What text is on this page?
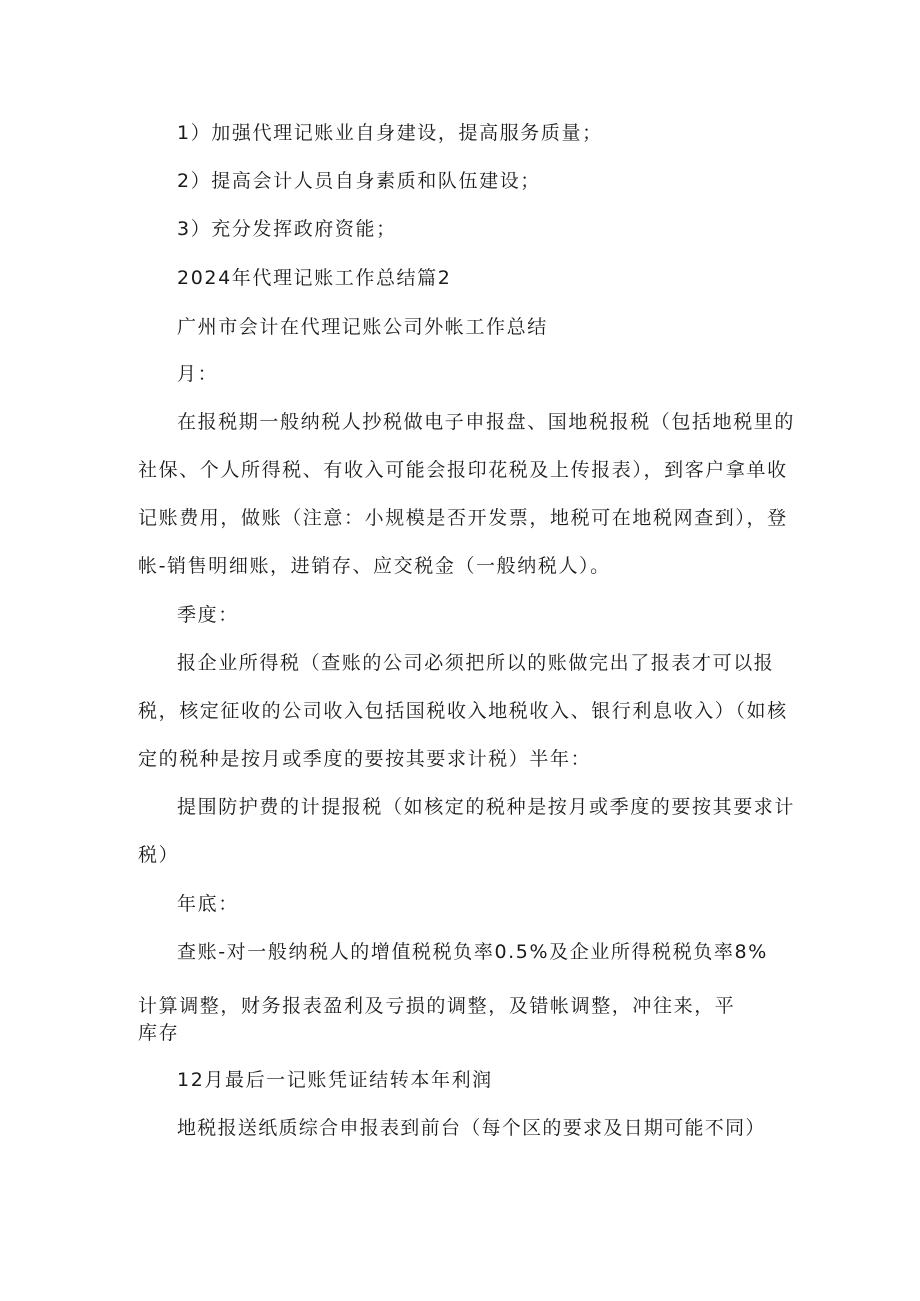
1）加强代理记账业自身建设，提高服务质量；

2）提高会计人员自身素质和队伍建设；

3）充分发挥政府资能；

2024年代理记账工作总结篇2

广州市会计在代理记账公司外帐工作总结

月：

在报税期一般纳税人抄税做电子申报盘、国地税报税（包括地税里的

社保、个人所得税、有收入可能会报印花税及上传报表），到客户拿单收

记账费用，做账（注意：小规模是否开发票，地税可在地税网查到），登

帐-销售明细账，进销存、应交税金（一般纳税人）。

季度：

报企业所得税（查账的公司必须把所以的账做完出了报表才可以报

税，核定征收的公司收入包括国税收入地税收入、银行利息收入）（如核

定的税种是按月或季度的要按其要求计税）半年：

提围防护费的计提报税（如核定的税种是按月或季度的要按其要求计

税）

年底：

查账-对一般纳税人的增值税税负率0.5%及企业所得税税负率8%

计算调整，财务报表盈利及亏损的调整，及错帐调整，冲往来，平

库存

12月最后一记账凭证结转本年利润

地税报送纸质综合申报表到前台（每个区的要求及日期可能不同）
